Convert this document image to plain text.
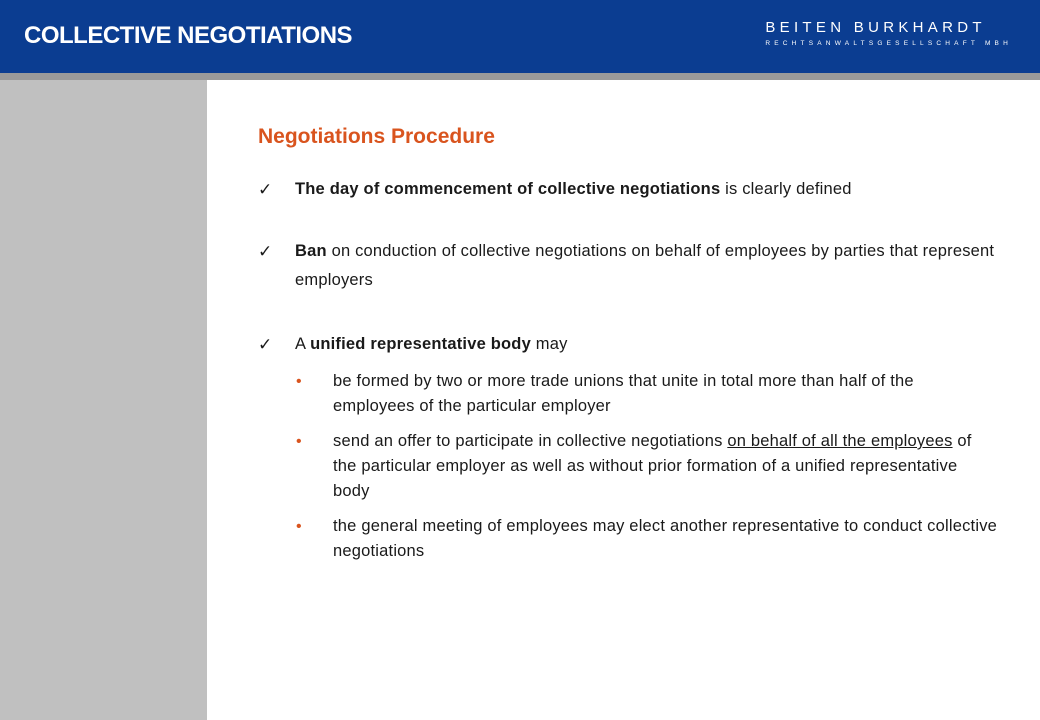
COLLECTIVE NEGOTIATIONS	BEITEN BURKHARDT
RECHTSANWALTSGESELLSCHAFT MBH
Negotiations Procedure
✓	The day of commencement of collective negotiations is clearly defined
✓	Ban on conduction of collective negotiations on behalf of employees by parties that represent employers
✓	A unified representative body may
• be formed by two or more trade unions that unite in total more than half of the employees of the particular employer
• send an offer to participate in collective negotiations on behalf of all the employees of the particular employer as well as without prior formation of a unified representative body
• the general meeting of employees may elect another representative to conduct collective negotiations
